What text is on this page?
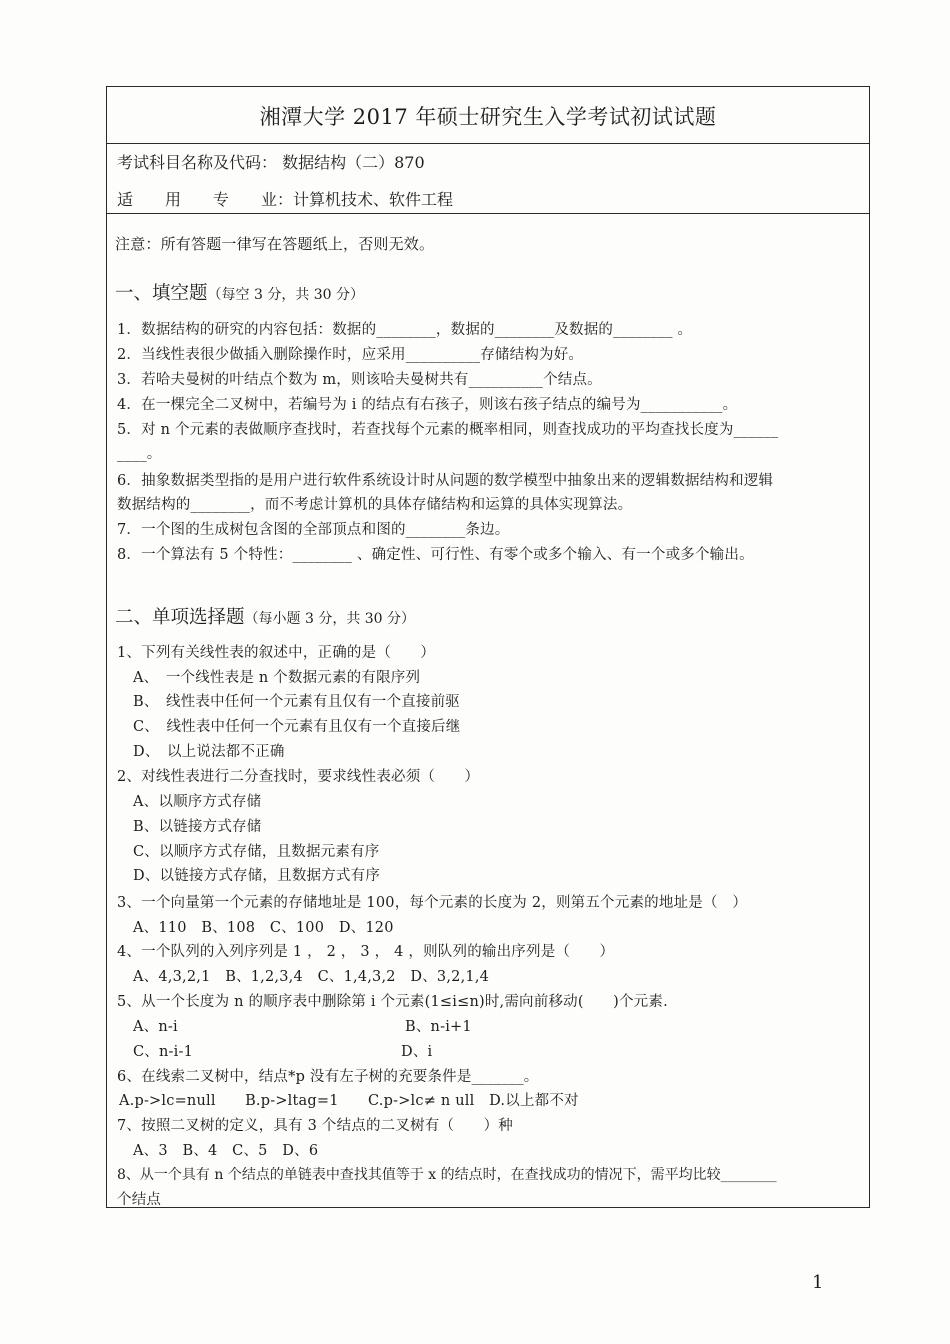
湘潭大学 2017 年硕士研究生入学考试初试试题
考试科目名称及代码： 数据结构（二）870
适　　用　　专　　业：计算机技术、软件工程
注意：所有答题一律写在答题纸上，否则无效。
一、填空题（每空 3 分，共 30 分）
1．数据结构的研究的内容包括：数据的________，数据的________及数据的________ 。
2．当线性表很少做插入删除操作时，应采用__________存储结构为好。
3．若哈夫曼树的叶结点个数为 m，则该哈夫曼树共有__________个结点。
4．在一棵完全二叉树中，若编号为 i 的结点有右孩子，则该右孩子结点的编号为___________。
5．对 n 个元素的表做顺序查找时，若查找每个元素的概率相同，则查找成功的平均查找长度为______
____。
6．抽象数据类型指的是用户进行软件系统设计时从问题的数学模型中抽象出来的逻辑数据结构和逻辑
数据结构的________，而不考虑计算机的具体存储结构和运算的具体实现算法。
7．一个图的生成树包含图的全部顶点和图的________条边。
8．一个算法有 5 个特性：________ 、确定性、可行性、有零个或多个输入、有一个或多个输出。
二、单项选择题（每小题 3 分，共 30 分）
1、下列有关线性表的叙述中，正确的是（　　）
A、　一个线性表是 n 个数据元素的有限序列
B、　线性表中任何一个元素有且仅有一个直接前驱
C、　线性表中任何一个元素有且仅有一个直接后继
D、　以上说法都不正确
2、对线性表进行二分查找时，要求线性表必须（　　）
A、以顺序方式存储
B、以链接方式存储
C、以顺序方式存储，且数据元素有序
D、以链接方式存储，且数据方式有序
3、一个向量第一个元素的存储地址是 100，每个元素的长度为 2，则第五个元素的地址是（　）
A、110　B、108　C、100　D、120
4、一个队列的入列序列是 1 ， 2 ， 3 ， 4 ，则队列的输出序列是（　　）
A、4,3,2,1　B、1,2,3,4　C、1,4,3,2　D、3,2,1,4
5、从一个长度为 n 的顺序表中删除第 i 个元素(1≤i≤n)时,需向前移动(　　)个元素.
A、n-i	B、n-i+1
C、n-i-1	D、i
6、在线索二叉树中，结点*p 没有左子树的充要条件是_______。
A.p->lc=null　　B.p->ltag=1　　C.p->lc≠ n ull　D.以上都不对
7、按照二叉树的定义，具有 3 个结点的二叉树有（　　）种
A、3　B、4　C、5　D、6
8、从一个具有 n 个结点的单链表中查找其值等于 x 的结点时，在查找成功的情况下，需平均比较________
个结点
1
